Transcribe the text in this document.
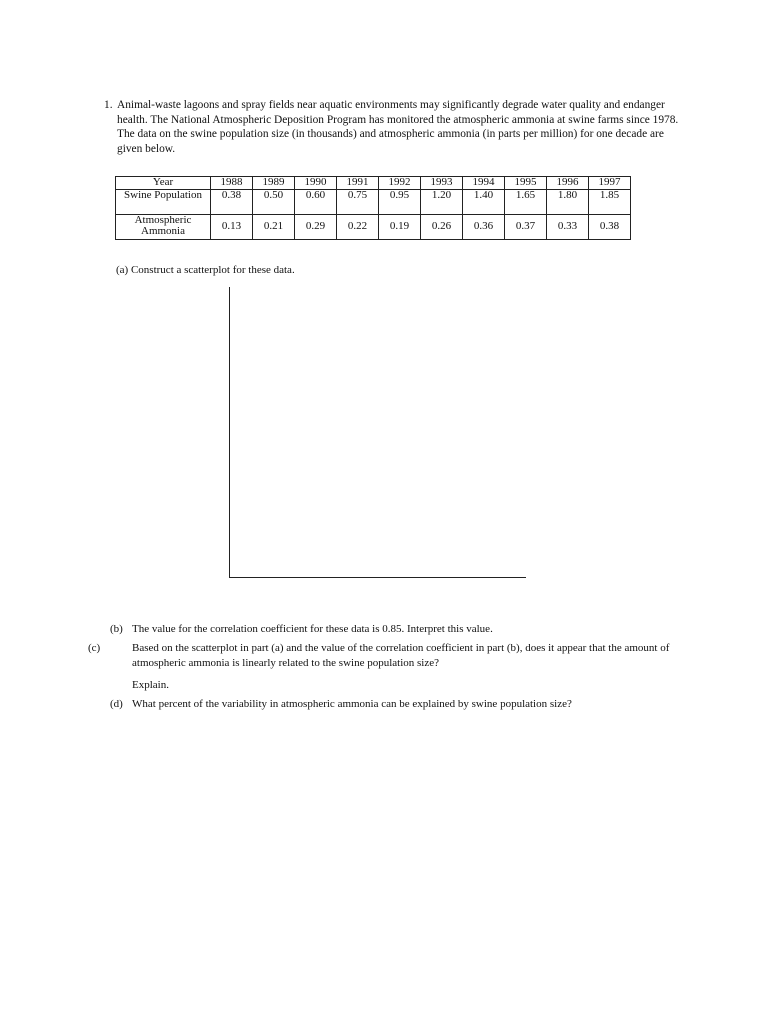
1. Animal-waste lagoons and spray fields near aquatic environments may significantly degrade water quality and endanger health. The National Atmospheric Deposition Program has monitored the atmospheric ammonia at swine farms since 1978. The data on the swine population size (in thousands) and atmospheric ammonia (in parts per million) for one decade are given below.
Year	1988	1989	1990	1991	1992	1993	1994	1995	1996	1997
Swine Population	0.38	0.50	0.60	0.75	0.95	1.20	1.40	1.65	1.80	1.85
Atmospheric Ammonia	0.13	0.21	0.29	0.22	0.19	0.26	0.36	0.37	0.33	0.38
(a) Construct a scatterplot for these data.
(b) The value for the correlation coefficient for these data is 0.85. Interpret this value.
(c)	Based on the scatterplot in part (a) and the value of the correlation coefficient in part (b), does it appear that the amount of atmospheric ammonia is linearly related to the swine population size?
Explain.
(d) What percent of the variability in atmospheric ammonia can be explained by swine population size?
